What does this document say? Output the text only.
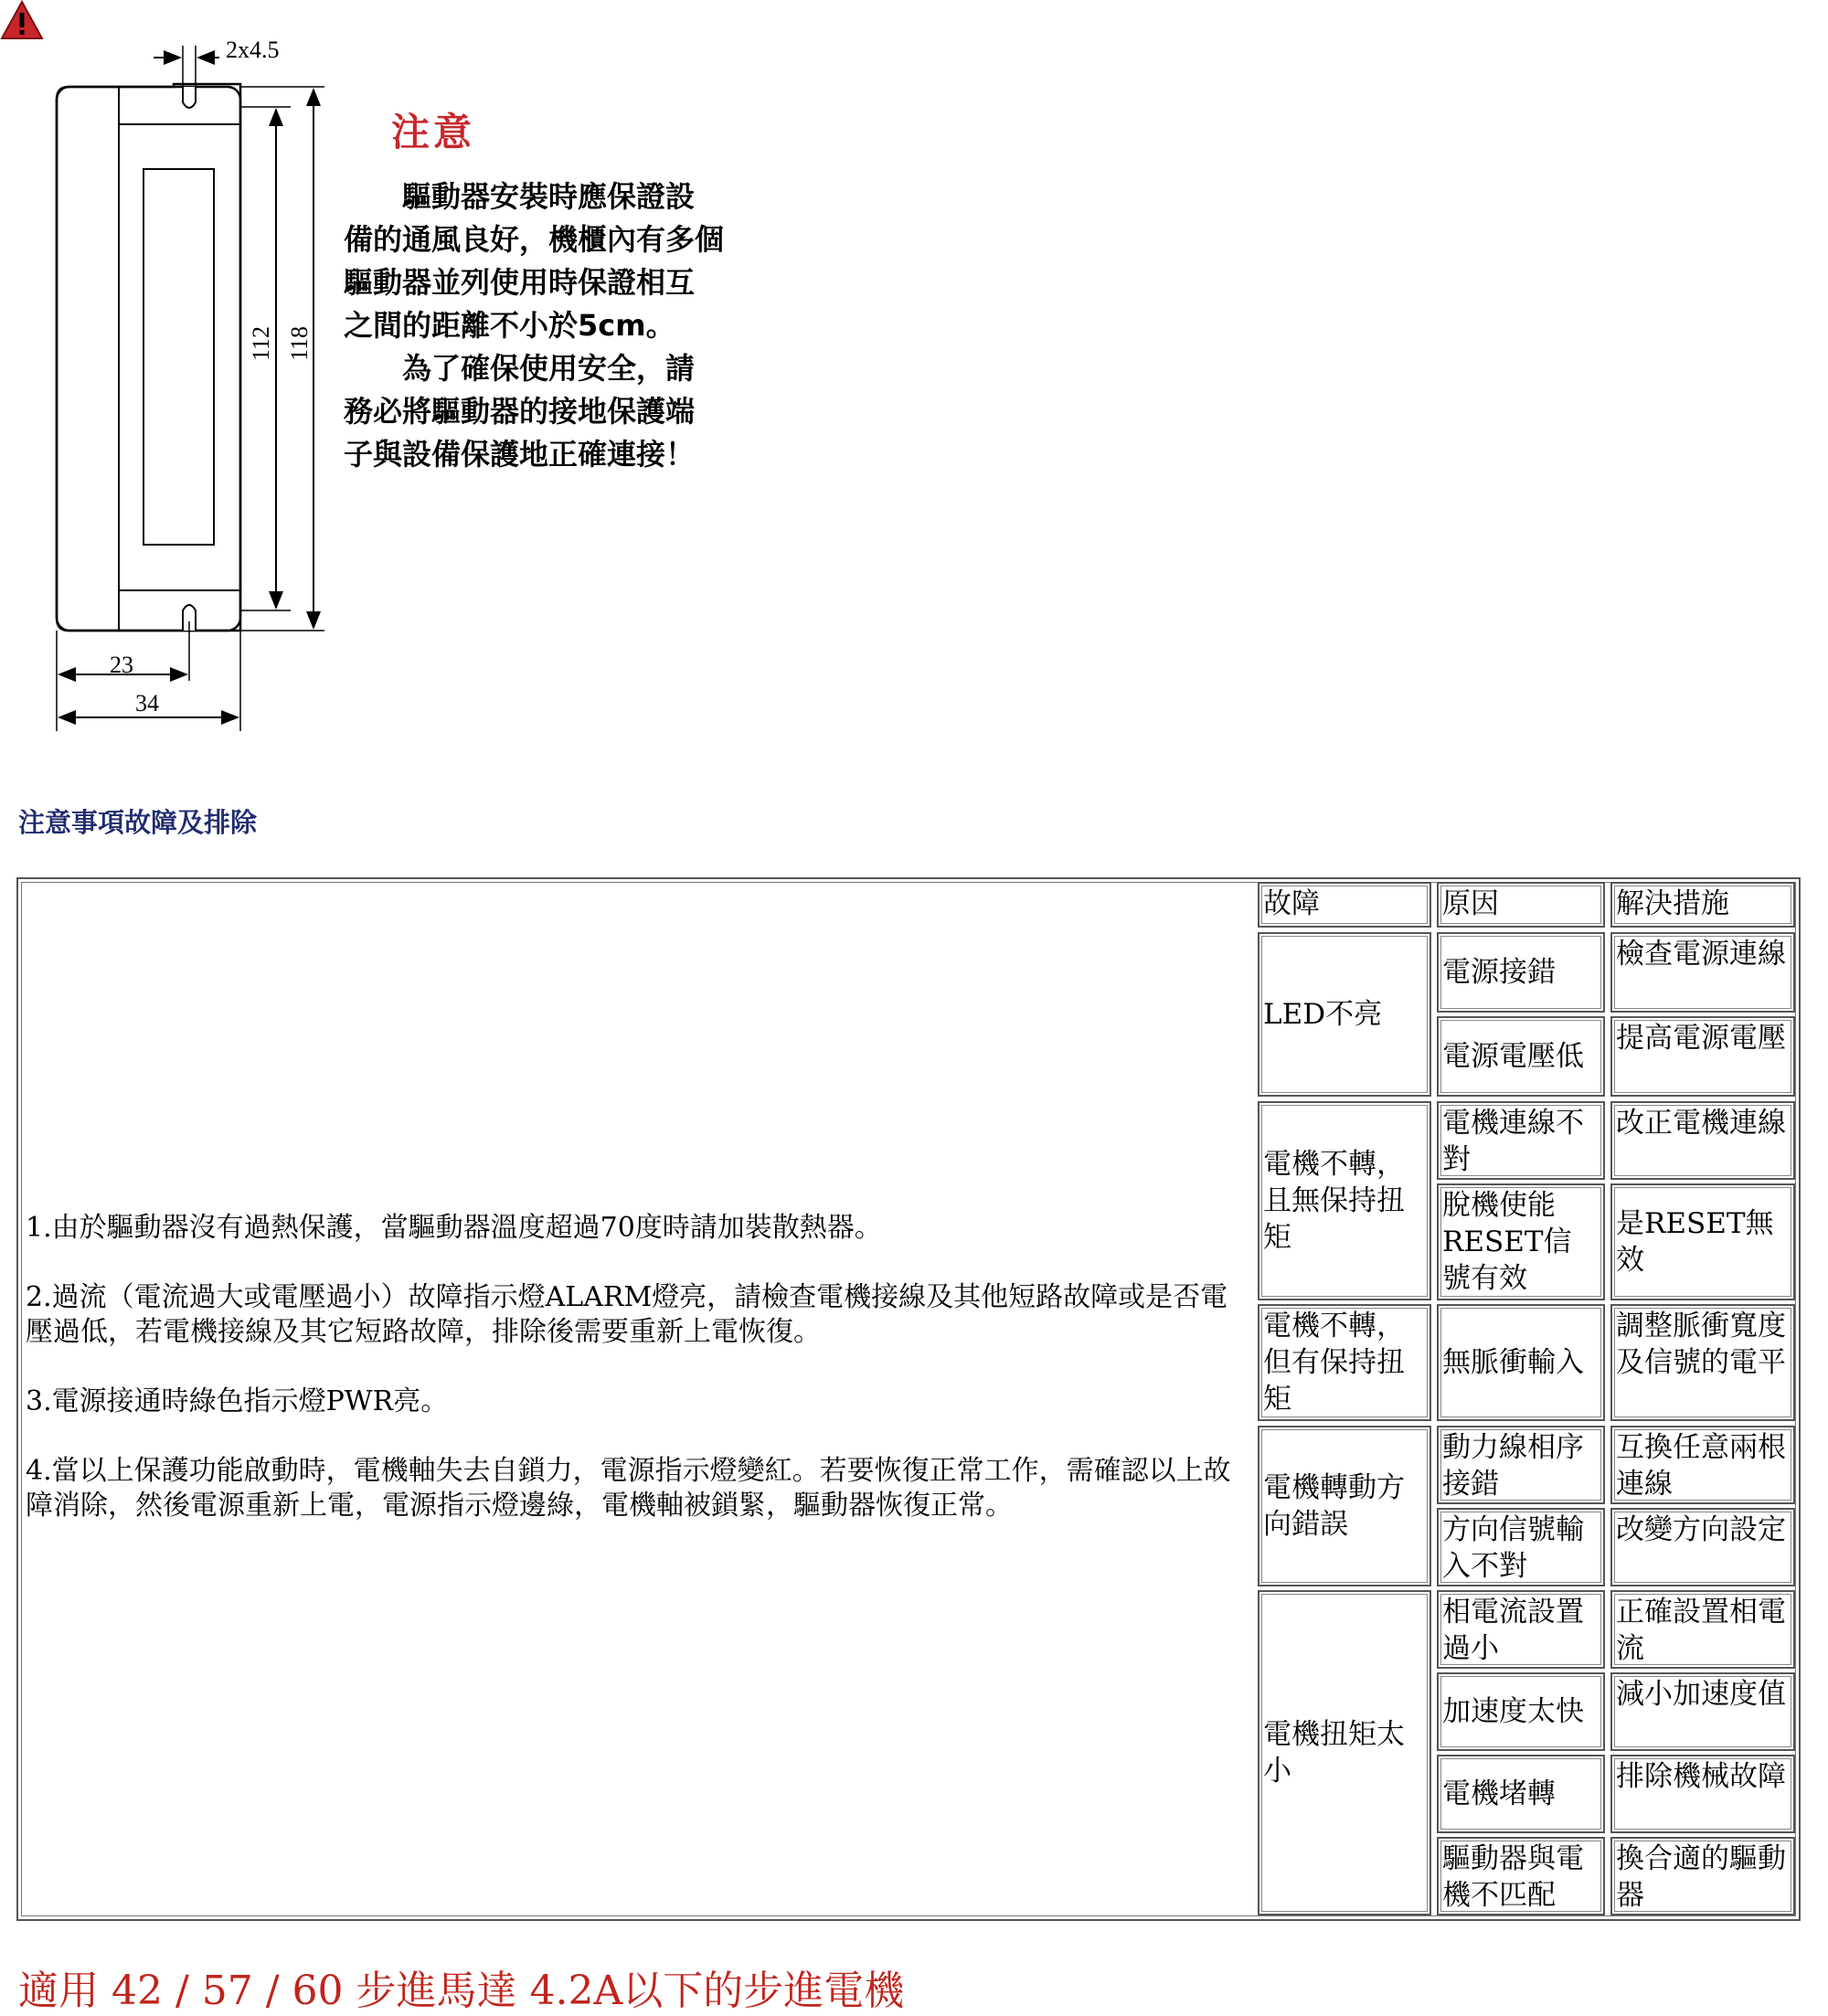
2x4.5
112 118
23
34
注意
　　驅動器安裝時應保證設
備的通風良好，機櫃內有多個
驅動器並列使用時保證相互
之間的距離不小於5cm。
　　為了確保使用安全，請
務必將驅動器的接地保護端
子與設備保護地正確連接！
注意事項故障及排除

1.由於驅動器沒有過熱保護，當驅動器溫度超過70度時請加裝散熱器。

2.過流（電流過大或電壓過小）故障指示燈ALARM燈亮，請檢查電機接線及其他短路故障或是否電壓過低，若電機接線及其它短路故障，排除後需要重新上電恢復。

3.電源接通時綠色指示燈PWR亮。

4.當以上保護功能啟動時，電機軸失去自鎖力，電源指示燈變紅。若要恢復正常工作，需確認以上故障消除，然後電源重新上電，電源指示燈邊綠，電機軸被鎖緊，驅動器恢復正常。

故障	原因	解決措施
LED不亮
電源接錯
檢查電源連線
電源電壓低
提高電源電壓
電機不轉，且無保持扭矩
電機連線不對
改正電機連線
脫機使能RESET信號有效
是RESET無效
電機不轉，但有保持扭矩
無脈衝輸入
調整脈衝寬度及信號的電平
電機轉動方向錯誤
動力線相序接錯
互換任意兩根連線
方向信號輸入不對
改變方向設定
電機扭矩太小
相電流設置過小
正確設置相電流
加速度太快
減小加速度值
電機堵轉
排除機械故障
驅動器與電機不匹配
換合適的驅動器
適用 42 / 57 / 60 步進馬達 4.2A以下的步進電機
